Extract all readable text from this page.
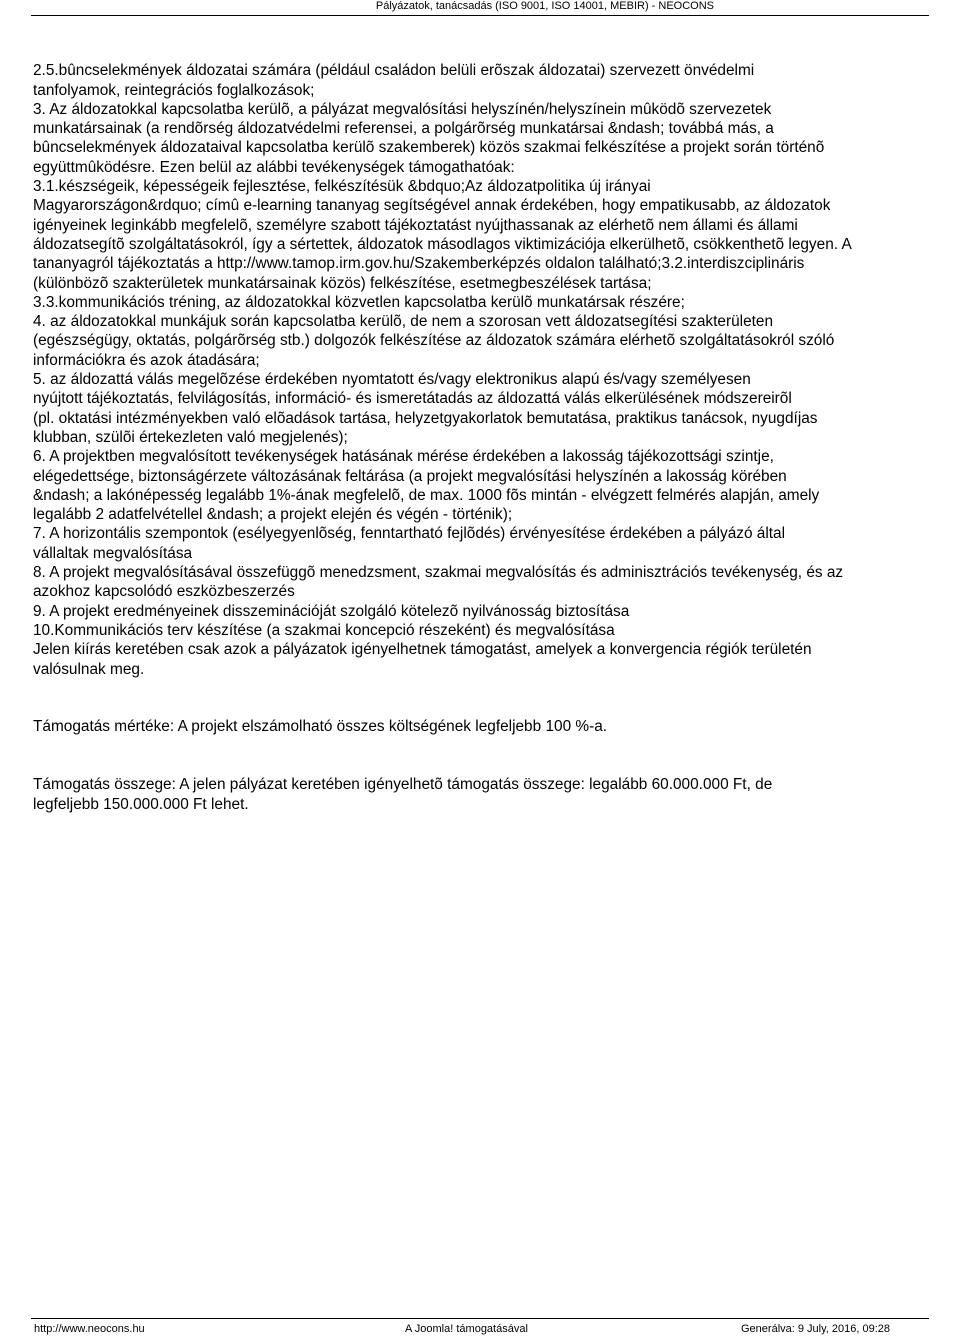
Pályázatok, tanácsadás (ISO 9001, ISO 14001, MEBIR) - NEOCONS

2.5.bûncselekmények áldozatai számára (például családon belüli erõszak áldozatai) szervezett önvédelmi
tanfolyamok, reintegrációs foglalkozások;
3. Az áldozatokkal kapcsolatba kerülõ, a pályázat megvalósítási helyszínén/helyszínein mûködõ szervezetek
munkatársainak (a rendõrség áldozatvédelmi referensei, a polgárõrség munkatársai &ndash; továbbá más, a
bûncselekmények áldozataival kapcsolatba kerülõ szakemberek) közös szakmai felkészítése a projekt során történõ
együttmûködésre. Ezen belül az alábbi tevékenységek támogathatóak:
3.1.készségeik, képességeik fejlesztése, felkészítésük &bdquo;Az áldozatpolitika új irányai
Magyarországon&rdquo; címû e-learning tananyag segítségével annak érdekében, hogy empatikusabb, az áldozatok
igényeinek leginkább megfelelõ, személyre szabott tájékoztatást nyújthassanak az elérhetõ nem állami és állami
áldozatsegítõ szolgáltatásokról, így a sértettek, áldozatok másodlagos viktimizációja elkerülhetõ, csökkenthetõ legyen. A
tananyagról tájékoztatás a http://www.tamop.irm.gov.hu/Szakemberképzés oldalon található;3.2.interdiszciplináris
(különbözõ szakterületek munkatársainak közös) felkészítése, esetmegbeszélések tartása;
3.3.kommunikációs tréning, az áldozatokkal közvetlen kapcsolatba kerülõ munkatársak részére;
4. az áldozatokkal munkájuk során kapcsolatba kerülõ, de nem a szorosan vett áldozatsegítési szakterületen
(egészségügy, oktatás, polgárõrség stb.) dolgozók felkészítése az áldozatok számára elérhetõ szolgáltatásokról szóló
információkra és azok átadására;
5. az áldozattá válás megelõzése érdekében nyomtatott és/vagy elektronikus alapú és/vagy személyesen
nyújtott tájékoztatás, felvilágosítás, információ- és ismeretátadás az áldozattá válás elkerülésének módszereirõl
(pl. oktatási intézményekben való elõadások tartása, helyzetgyakorlatok bemutatása, praktikus tanácsok, nyugdíjas
klubban, szülõi értekezleten való megjelenés);
6. A projektben megvalósított tevékenységek hatásának mérése érdekében a lakosság tájékozottsági szintje,
elégedettsége, biztonságérzete változásának feltárása (a projekt megvalósítási helyszínén a lakosság körében
&ndash; a lakónépesség legalább 1%-ának megfelelõ, de max. 1000 fõs mintán - elvégzett felmérés alapján, amely
legalább 2 adatfelvétellel &ndash; a projekt elején és végén - történik);
7. A horizontális szempontok (esélyegyenlõség, fenntartható fejlõdés) érvényesítése érdekében a pályázó által
vállaltak megvalósítása
8. A projekt megvalósításával összefüggõ menedzsment, szakmai megvalósítás és adminisztrációs tevékenység, és az
azokhoz kapcsolódó eszközbeszerzés
9. A projekt eredményeinek disszeminációját szolgáló kötelezõ nyilvánosság biztosítása
10.Kommunikációs terv készítése (a szakmai koncepció részeként) és megvalósítása
Jelen kiírás keretében csak azok a pályázatok igényelhetnek támogatást, amelyek a konvergencia régiók területén
valósulnak meg.

Támogatás mértéke: A projekt elszámolható összes költségének legfeljebb 100 %-a.

Támogatás összege: A jelen pályázat keretében igényelhetõ támogatás összege: legalább 60.000.000 Ft, de
legfeljebb 150.000.000 Ft lehet.

http://www.neocons.hu	A Joomla! támogatásával	Generálva: 9 July, 2016, 09:28
